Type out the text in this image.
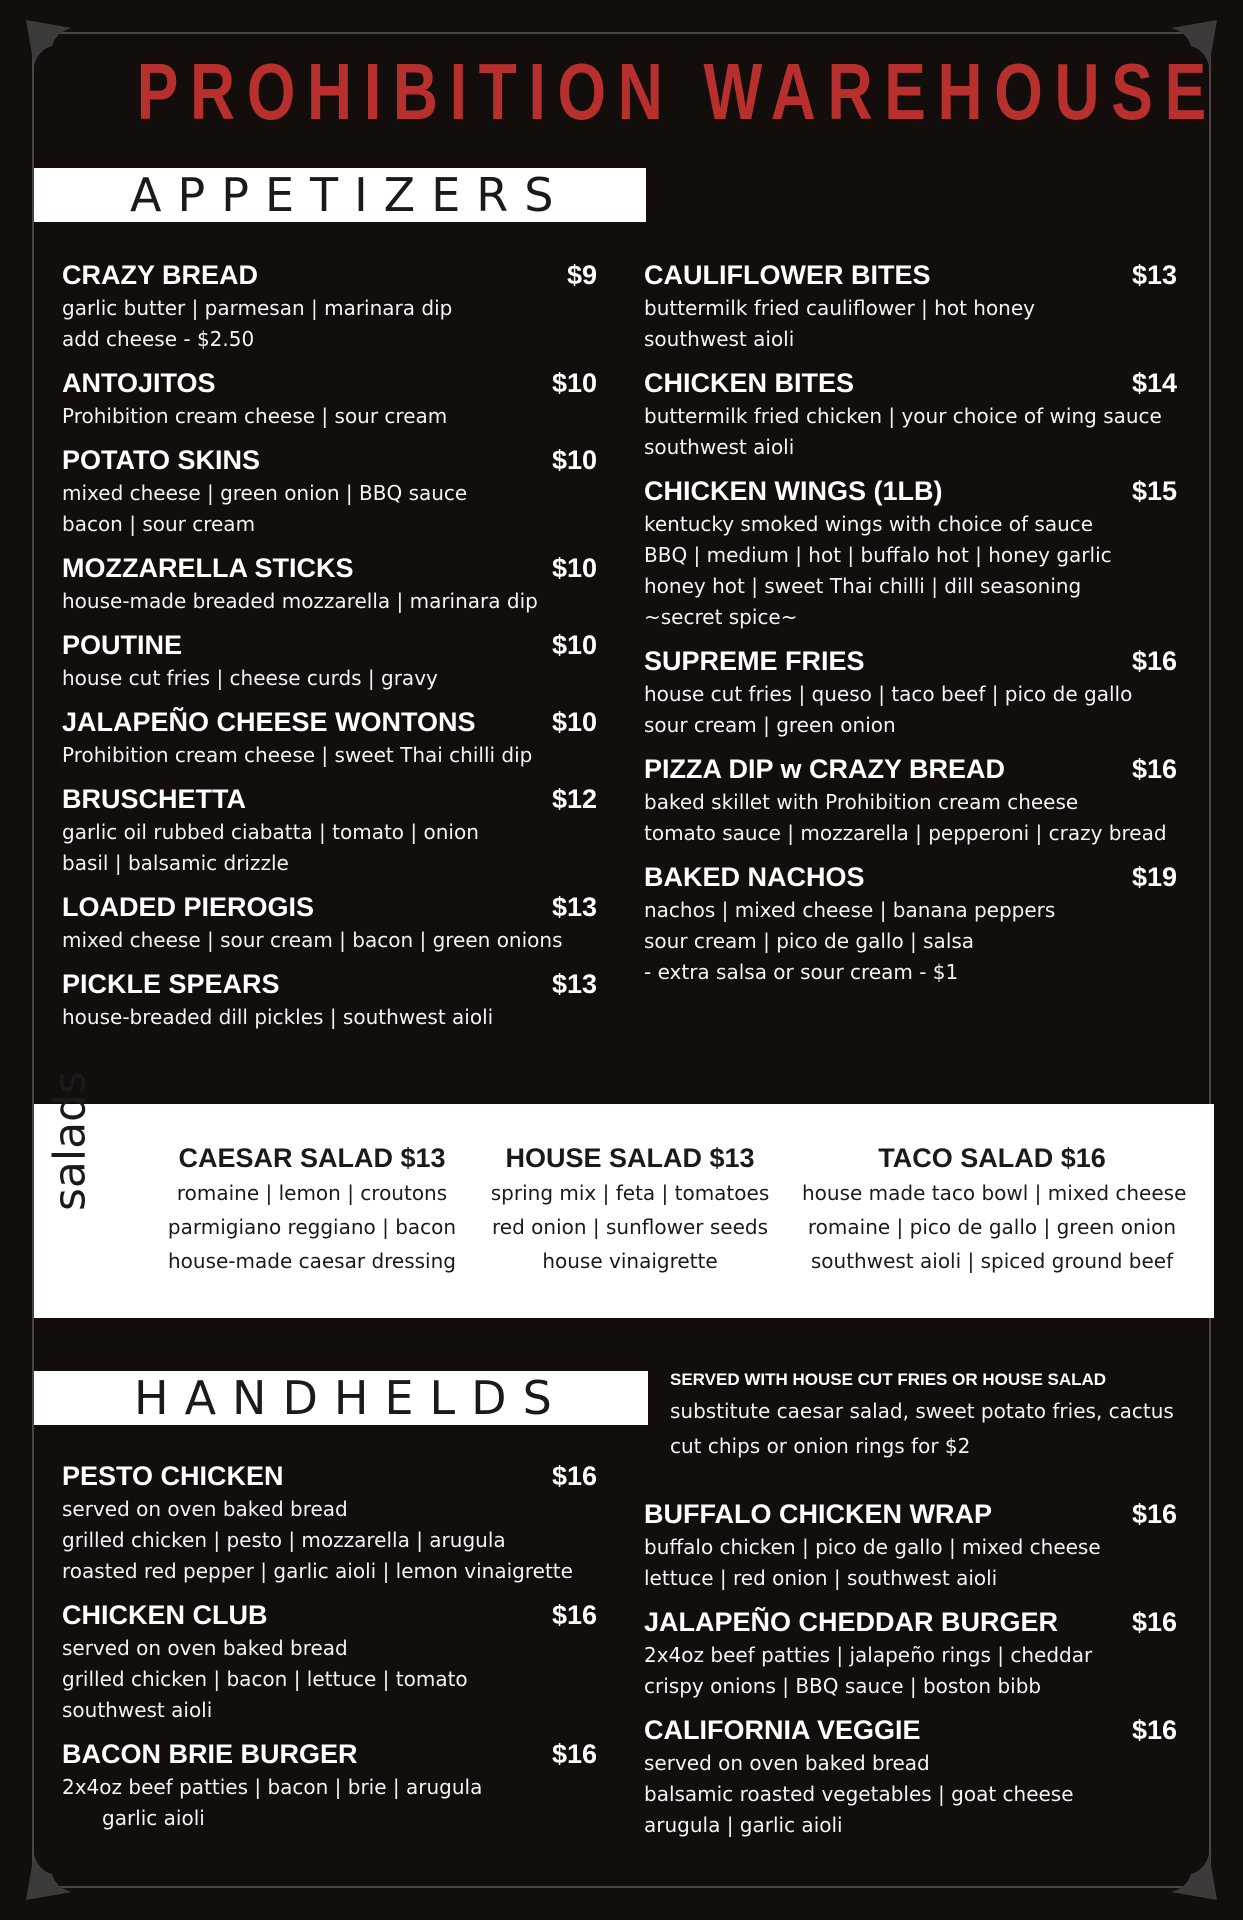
PROHIBITION WAREHOUSE
APPETIZERS
CRAZY BREAD	$9
garlic butter | parmesan | marinara dip
add cheese - $2.50
ANTOJITOS	$10
Prohibition cream cheese | sour cream
POTATO SKINS	$10
mixed cheese | green onion | BBQ sauce
bacon | sour cream
MOZZARELLA STICKS	$10
house-made breaded mozzarella | marinara dip
POUTINE	$10
house cut fries | cheese curds | gravy
JALAPEÑO CHEESE WONTONS	$10
Prohibition cream cheese | sweet Thai chilli dip
BRUSCHETTA	$12
garlic oil rubbed ciabatta | tomato | onion
basil | balsamic drizzle
LOADED PIEROGIS	$13
mixed cheese | sour cream | bacon | green onions
PICKLE SPEARS	$13
house-breaded dill pickles | southwest aioli
CAULIFLOWER BITES	$13
buttermilk fried cauliflower | hot honey
southwest aioli
CHICKEN BITES	$14
buttermilk fried chicken | your choice of wing sauce
southwest aioli
CHICKEN WINGS (1LB)	$15
kentucky smoked wings with choice of sauce
BBQ | medium | hot | buffalo hot | honey garlic
honey hot | sweet Thai chilli | dill seasoning
~secret spice~
SUPREME FRIES	$16
house cut fries | queso | taco beef | pico de gallo
sour cream | green onion
PIZZA DIP w CRAZY BREAD	$16
baked skillet with Prohibition cream cheese
tomato sauce | mozzarella | pepperoni | crazy bread
BAKED NACHOS	$19
nachos | mixed cheese | banana peppers
sour cream | pico de gallo | salsa
- extra salsa or sour cream - $1
salads	CAESAR SALAD $13
romaine | lemon | croutons
parmigiano reggiano | bacon
house-made caesar dressing
HOUSE SALAD $13
spring mix | feta | tomatoes
red onion | sunflower seeds
house vinaigrette
TACO SALAD $16
house made taco bowl | mixed cheese
romaine | pico de gallo | green onion
southwest aioli | spiced ground beef
HANDHELDS	SERVED WITH HOUSE CUT FRIES OR HOUSE SALAD
substitute caesar salad, sweet potato fries, cactus
cut chips or onion rings for $2
PESTO CHICKEN	$16
served on oven baked bread
grilled chicken | pesto | mozzarella | arugula
roasted red pepper | garlic aioli | lemon vinaigrette
CHICKEN CLUB	$16
served on oven baked bread
grilled chicken | bacon | lettuce | tomato
southwest aioli
BACON BRIE BURGER	$16
2x4oz beef patties | bacon | brie | arugula
garlic aioli
BUFFALO CHICKEN WRAP	$16
buffalo chicken | pico de gallo | mixed cheese
lettuce | red onion | southwest aioli
JALAPEÑO CHEDDAR BURGER	$16
2x4oz beef patties | jalapeño rings | cheddar
crispy onions | BBQ sauce | boston bibb
CALIFORNIA VEGGIE	$16
served on oven baked bread
balsamic roasted vegetables | goat cheese
arugula | garlic aioli
